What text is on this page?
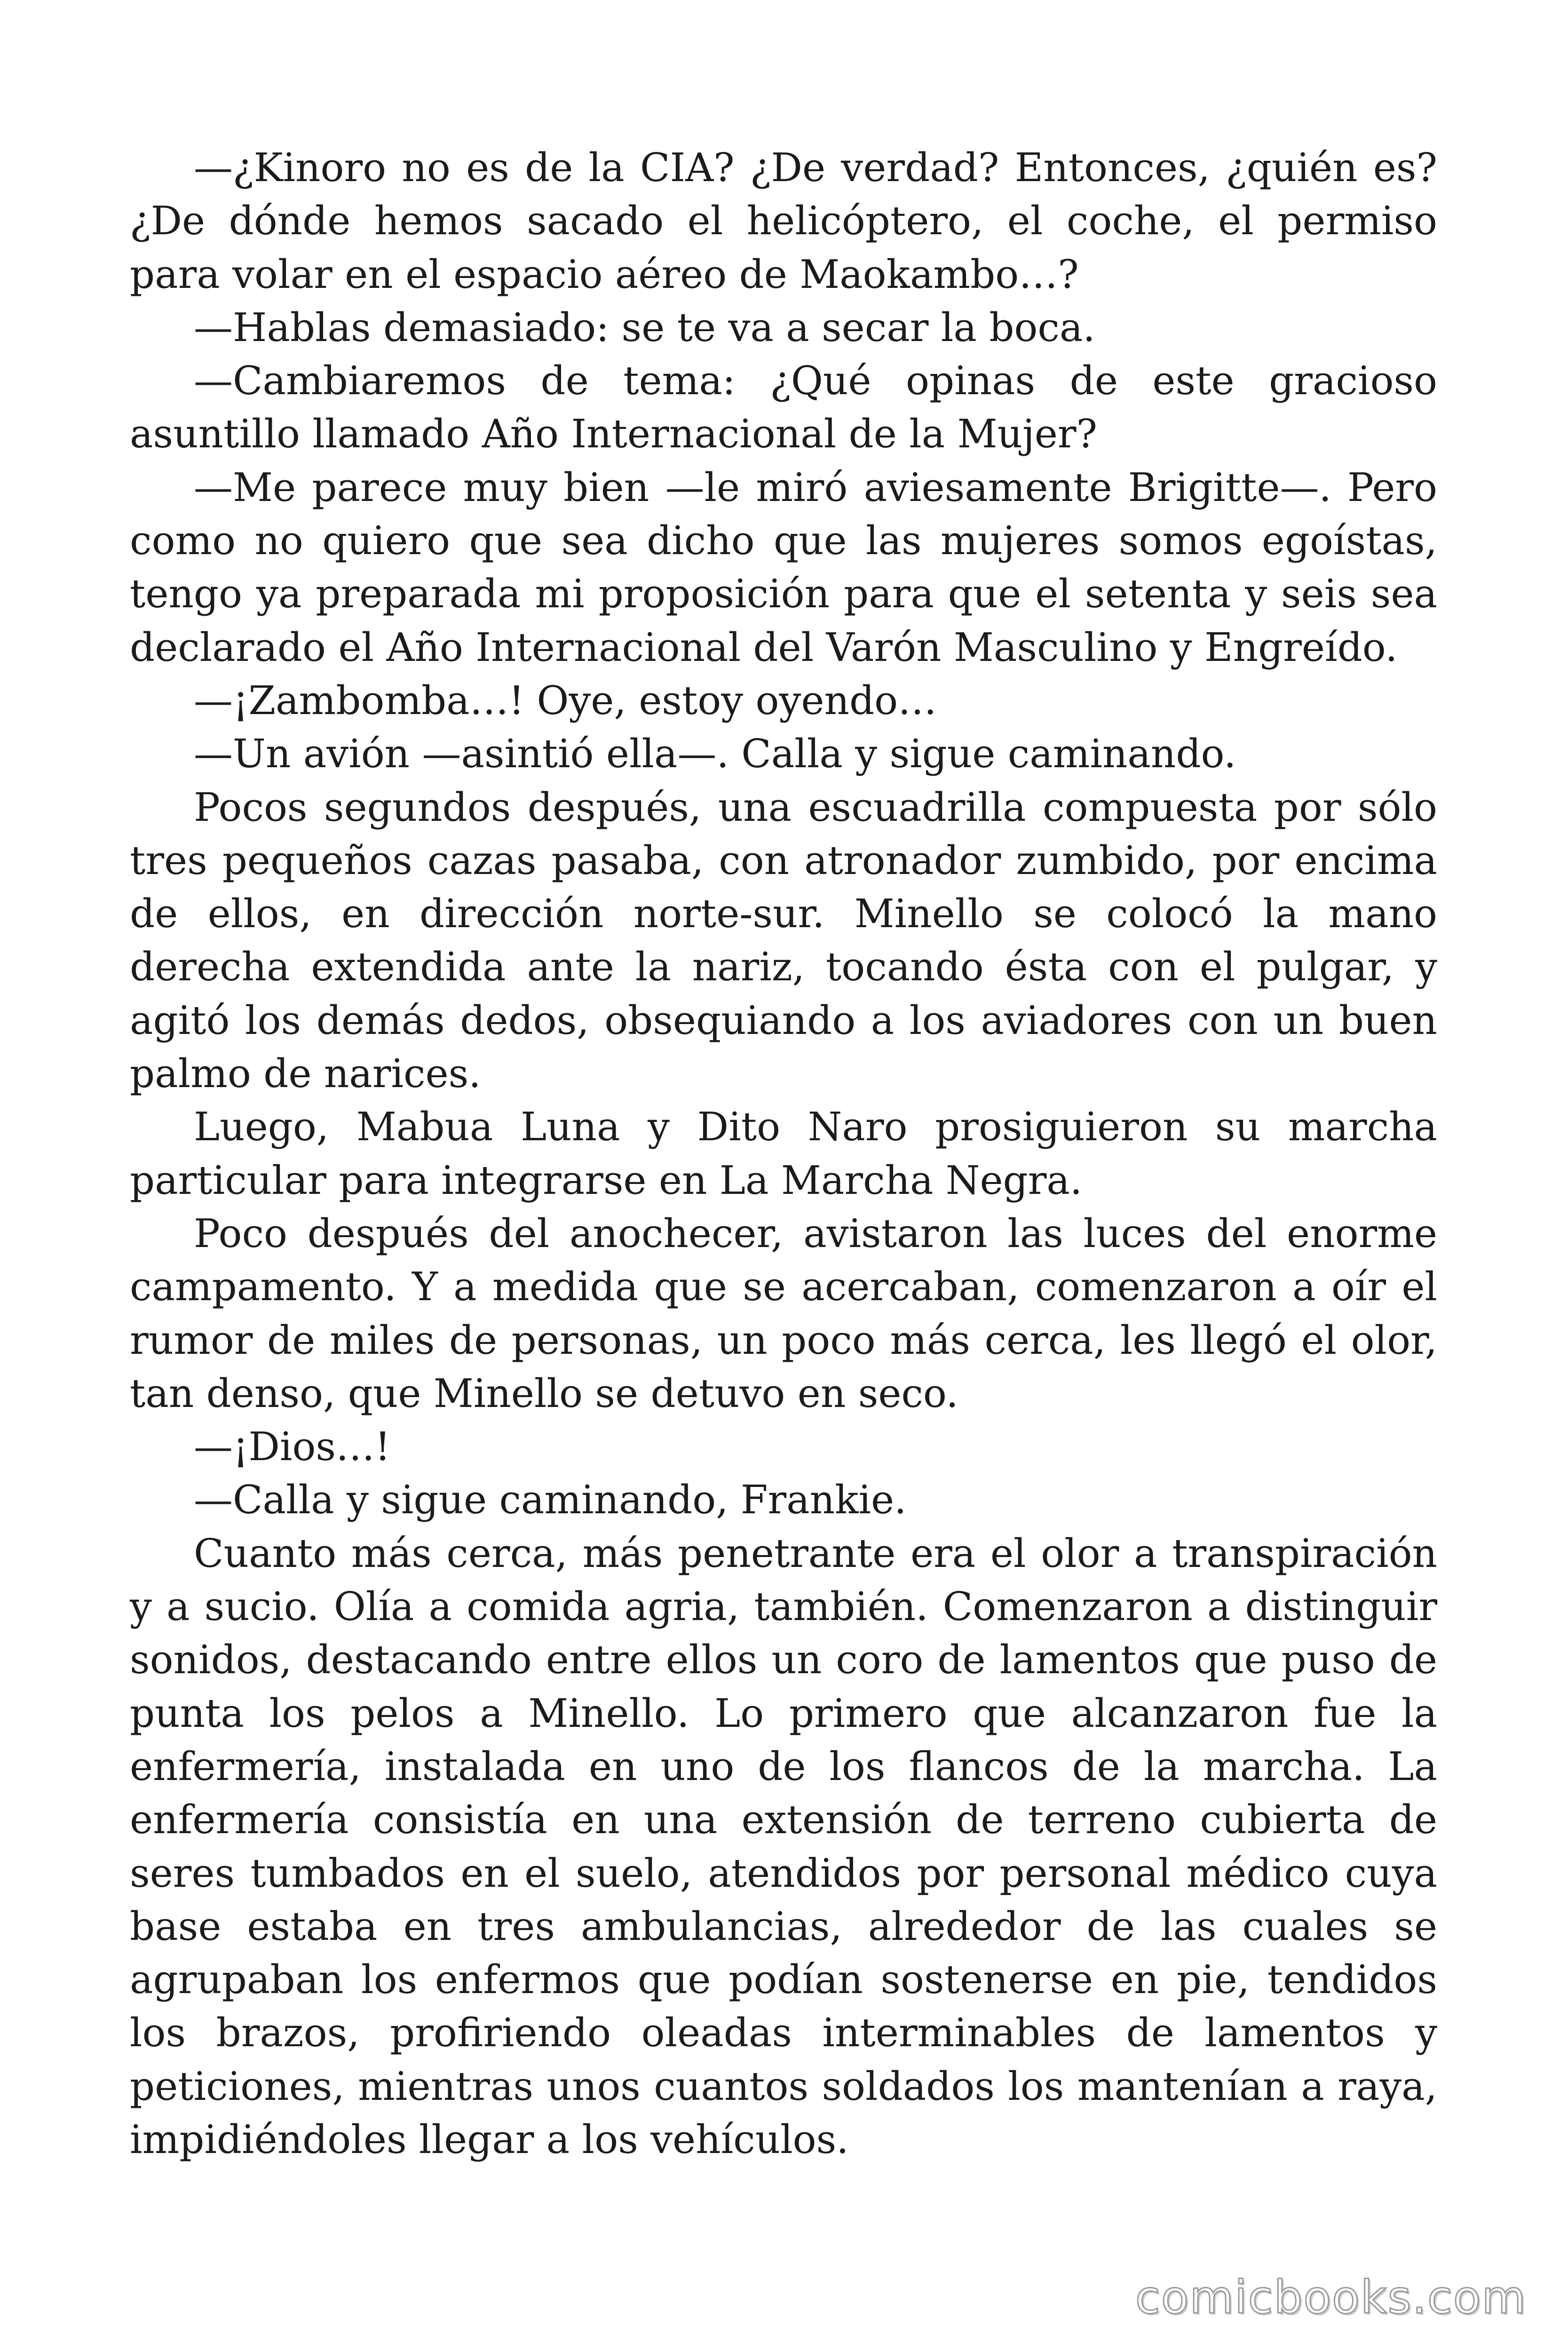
—¿Kinoro no es de la CIA? ¿De verdad? Entonces, ¿quién es? ¿De dónde hemos sacado el helicóptero, el coche, el permiso para volar en el espacio aéreo de Maokambo…?

—Hablas demasiado: se te va a secar la boca.

—Cambiaremos de tema: ¿Qué opinas de este gracioso asuntillo llamado Año Internacional de la Mujer?

—Me parece muy bien —le miró aviesamente Brigitte—. Pero como no quiero que sea dicho que las mujeres somos egoístas, tengo ya preparada mi proposición para que el setenta y seis sea declarado el Año Internacional del Varón Masculino y Engreído.

—¡Zambomba…! Oye, estoy oyendo…

—Un avión —asintió ella—. Calla y sigue caminando.

Pocos segundos después, una escuadrilla compuesta por sólo tres pequeños cazas pasaba, con atronador zumbido, por encima de ellos, en dirección norte-sur. Minello se colocó la mano derecha extendida ante la nariz, tocando ésta con el pulgar, y agitó los demás dedos, obsequiando a los aviadores con un buen palmo de narices.

Luego, Mabua Luna y Dito Naro prosiguieron su marcha particular para integrarse en La Marcha Negra.

Poco después del anochecer, avistaron las luces del enorme campamento. Y a medida que se acercaban, comenzaron a oír el rumor de miles de personas, un poco más cerca, les llegó el olor, tan denso, que Minello se detuvo en seco.

—¡Dios…!

—Calla y sigue caminando, Frankie.

Cuanto más cerca, más penetrante era el olor a transpiración y a sucio. Olía a comida agria, también. Comenzaron a distinguir sonidos, destacando entre ellos un coro de lamentos que puso de punta los pelos a Minello. Lo primero que alcanzaron fue la enfermería, instalada en uno de los flancos de la marcha. La enfermería consistía en una extensión de terreno cubierta de seres tumbados en el suelo, atendidos por personal médico cuya base estaba en tres ambulancias, alrededor de las cuales se agrupaban los enfermos que podían sostenerse en pie, tendidos los brazos, profiriendo oleadas interminables de lamentos y peticiones, mientras unos cuantos soldados los mantenían a raya, impidiéndoles llegar a los vehículos.

comicbooks.com
